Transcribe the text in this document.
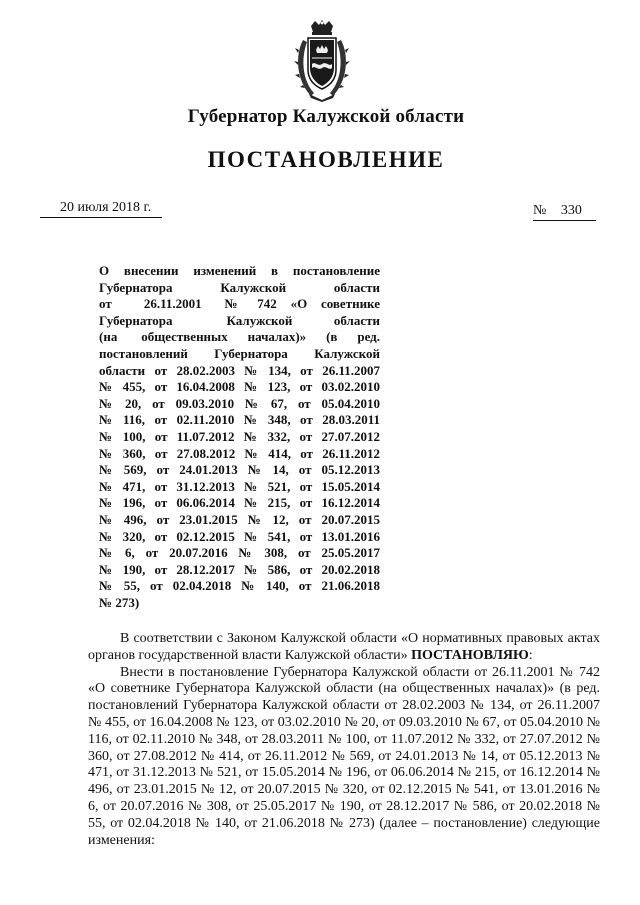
Губернатор Калужской области
ПОСТАНОВЛЕНИЕ
20 июля 2018 г.	№ 330
О  внесении  изменений  в  постановление
Губернатора          Калужской          области
от       26.11.2001     №    742   «О   советнике
Губернатора             Калужской          области
(на      общественных     началах)»     (в     ред.
постановлений   Губернатора   Калужской
области  от  28.02.2003  №  134,  от  26.11.2007
№  455,  от  16.04.2008  №  123,  от  03.02.2010
№  20,  от  09.03.2010  №  67,  от  05.04.2010
№  116,  от  02.11.2010  №  348,  от  28.03.2011
№  100,  от  11.07.2012  №  332,  от  27.07.2012
№  360,  от  27.08.2012  №  414,  от  26.11.2012
№  569,  от  24.01.2013  №  14,  от  05.12.2013
№  471,  от  31.12.2013  №  521,  от  15.05.2014
№  196,  от  06.06.2014  №  215,  от  16.12.2014
№  496,  от  23.01.2015  №  12,  от  20.07.2015
№  320,  от  02.12.2015  №  541,  от  13.01.2016
№  6,  от  20.07.2016  №  308,  от  25.05.2017
№  190,  от  28.12.2017  №  586,  от  20.02.2018
№  55,  от  02.04.2018  №  140,  от  21.06.2018
№ 273)
В соответствии с Законом Калужской области «О нормативных правовых актах органов государственной власти Калужской области» ПОСТАНОВЛЯЮ:
Внести в постановление Губернатора Калужской области от 26.11.2001 № 742 «О советнике Губернатора Калужской области (на общественных началах)» (в ред. постановлений Губернатора Калужской области от 28.02.2003 № 134, от 26.11.2007 № 455, от 16.04.2008 № 123, от 03.02.2010 № 20, от 09.03.2010 № 67, от 05.04.2010 № 116, от 02.11.2010 № 348, от 28.03.2011 № 100, от 11.07.2012 № 332, от 27.07.2012 № 360, от 27.08.2012 № 414, от 26.11.2012 № 569, от 24.01.2013 № 14, от 05.12.2013 № 471, от 31.12.2013 № 521, от 15.05.2014 № 196, от 06.06.2014 № 215, от 16.12.2014 № 496, от 23.01.2015 № 12, от 20.07.2015 № 320, от 02.12.2015 № 541, от 13.01.2016 № 6, от 20.07.2016 № 308, от 25.05.2017 № 190, от 28.12.2017 № 586, от 20.02.2018 № 55, от 02.04.2018 № 140, от 21.06.2018 № 273) (далее – постановление) следующие изменения:
